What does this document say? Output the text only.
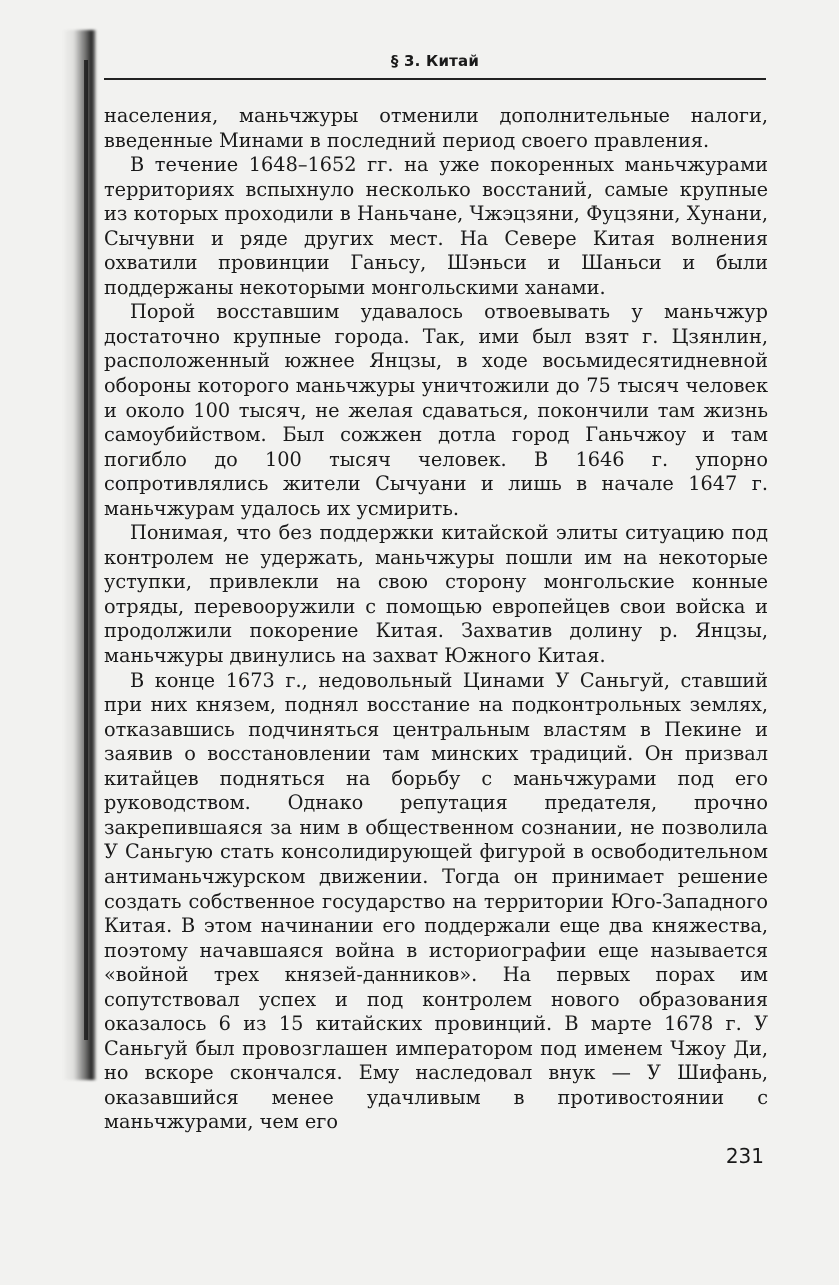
§ 3. Китай

населения, маньчжуры отменили дополнительные налоги, введенные Минами в последний период своего правления.

В течение 1648–1652 гг. на уже покоренных маньчжурами территориях вспыхнуло несколько восстаний, самые крупные из которых проходили в Наньчане, Чжэцзяни, Фуцзяни, Хунани, Сычувни и ряде других мест. На Севере Китая волнения охватили провинции Ганьсу, Шэньси и Шаньси и были поддержаны некоторыми монгольскими ханами.

Порой восставшим удавалось отвоевывать у маньчжур достаточно крупные города. Так, ими был взят г. Цзянлин, расположенный южнее Янцзы, в ходе восьмидесятидневной обороны которого маньчжуры уничтожили до 75 тысяч человек и около 100 тысяч, не желая сдаваться, покончили там жизнь самоубийством. Был сожжен дотла город Ганьчжоу и там погибло до 100 тысяч человек. В 1646 г. упорно сопротивлялись жители Сычуани и лишь в начале 1647 г. маньчжурам удалось их усмирить.

Понимая, что без поддержки китайской элиты ситуацию под контролем не удержать, маньчжуры пошли им на некоторые уступки, привлекли на свою сторону монгольские конные отряды, перевооружили с помощью европейцев свои войска и продолжили покорение Китая. Захватив долину р. Янцзы, маньчжуры двинулись на захват Южного Китая.

В конце 1673 г., недовольный Цинами У Саньгуй, ставший при них князем, поднял восстание на подконтрольных землях, отказавшись подчиняться центральным властям в Пекине и заявив о восстановлении там минских традиций. Он призвал китайцев подняться на борьбу с маньчжурами под его руководством. Однако репутация предателя, прочно закрепившаяся за ним в общественном сознании, не позволила У Саньгую стать консолидирующей фигурой в освободительном антиманьчжурском движении. Тогда он принимает решение создать собственное государство на территории Юго-Западного Китая. В этом начинании его поддержали еще два княжества, поэтому начавшаяся война в историографии еще называется «войной трех князей-данников». На первых порах им сопутствовал успех и под контролем нового образования оказалось 6 из 15 китайских провинций. В марте 1678 г. У Саньгуй был провозглашен императором под именем Чжоу Ди, но вскоре скончался. Ему наследовал внук — У Шифань, оказавшийся менее удачливым в противостоянии с маньчжурами, чем его

231
